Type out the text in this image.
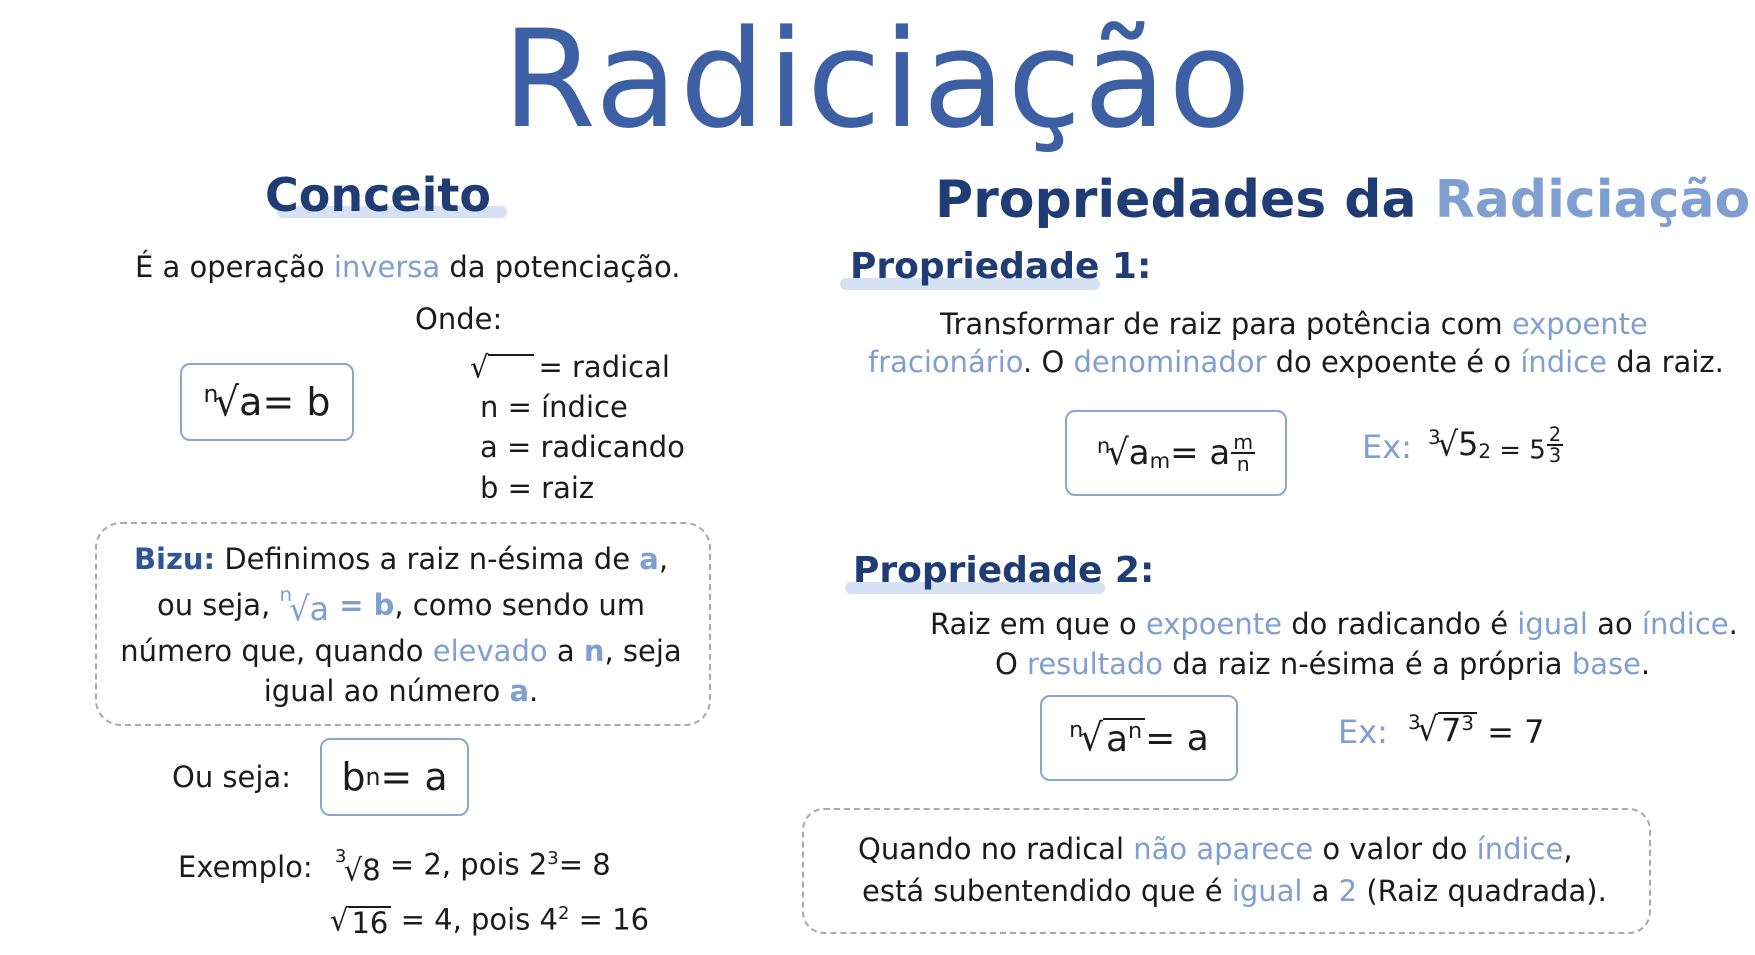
Radiciação
Conceito
É a operação inversa da potenciação.
Onde:
n
√ a = b
√
= radical
n = índice
a = radicando
b = raiz
Bizu: Definimos a raiz n-ésima de a,
ou seja, n
√ a = b, como sendo um
número que, quando elevado a n, seja
igual ao número a.
Ou seja: b n = a
Exemplo: 3
√ 8 = 2, pois $2^3= 8$
√ 16 = 4, pois $4^2 = 16$
Propriedades da Radiciação
Propriedade 1:
Transformar de raiz para potência com expoente
fracionário. O denominador do expoente é o índice da raiz.
n
√ $a_m = a \frac{m}{n}$	Ex: 3
√ $5_2 = 5 \frac{2}{3}$
Propriedade 2:
Raiz em que o expoente do radicando é igual ao índice.
O resultado da raiz n-ésima é a própria base.
n
√ $a^n = a$	Ex: 3
√ $7^3 = 7$
Quando no radical não aparece o valor do índice,
está subentendido que é igual a 2 (Raiz quadrada).
